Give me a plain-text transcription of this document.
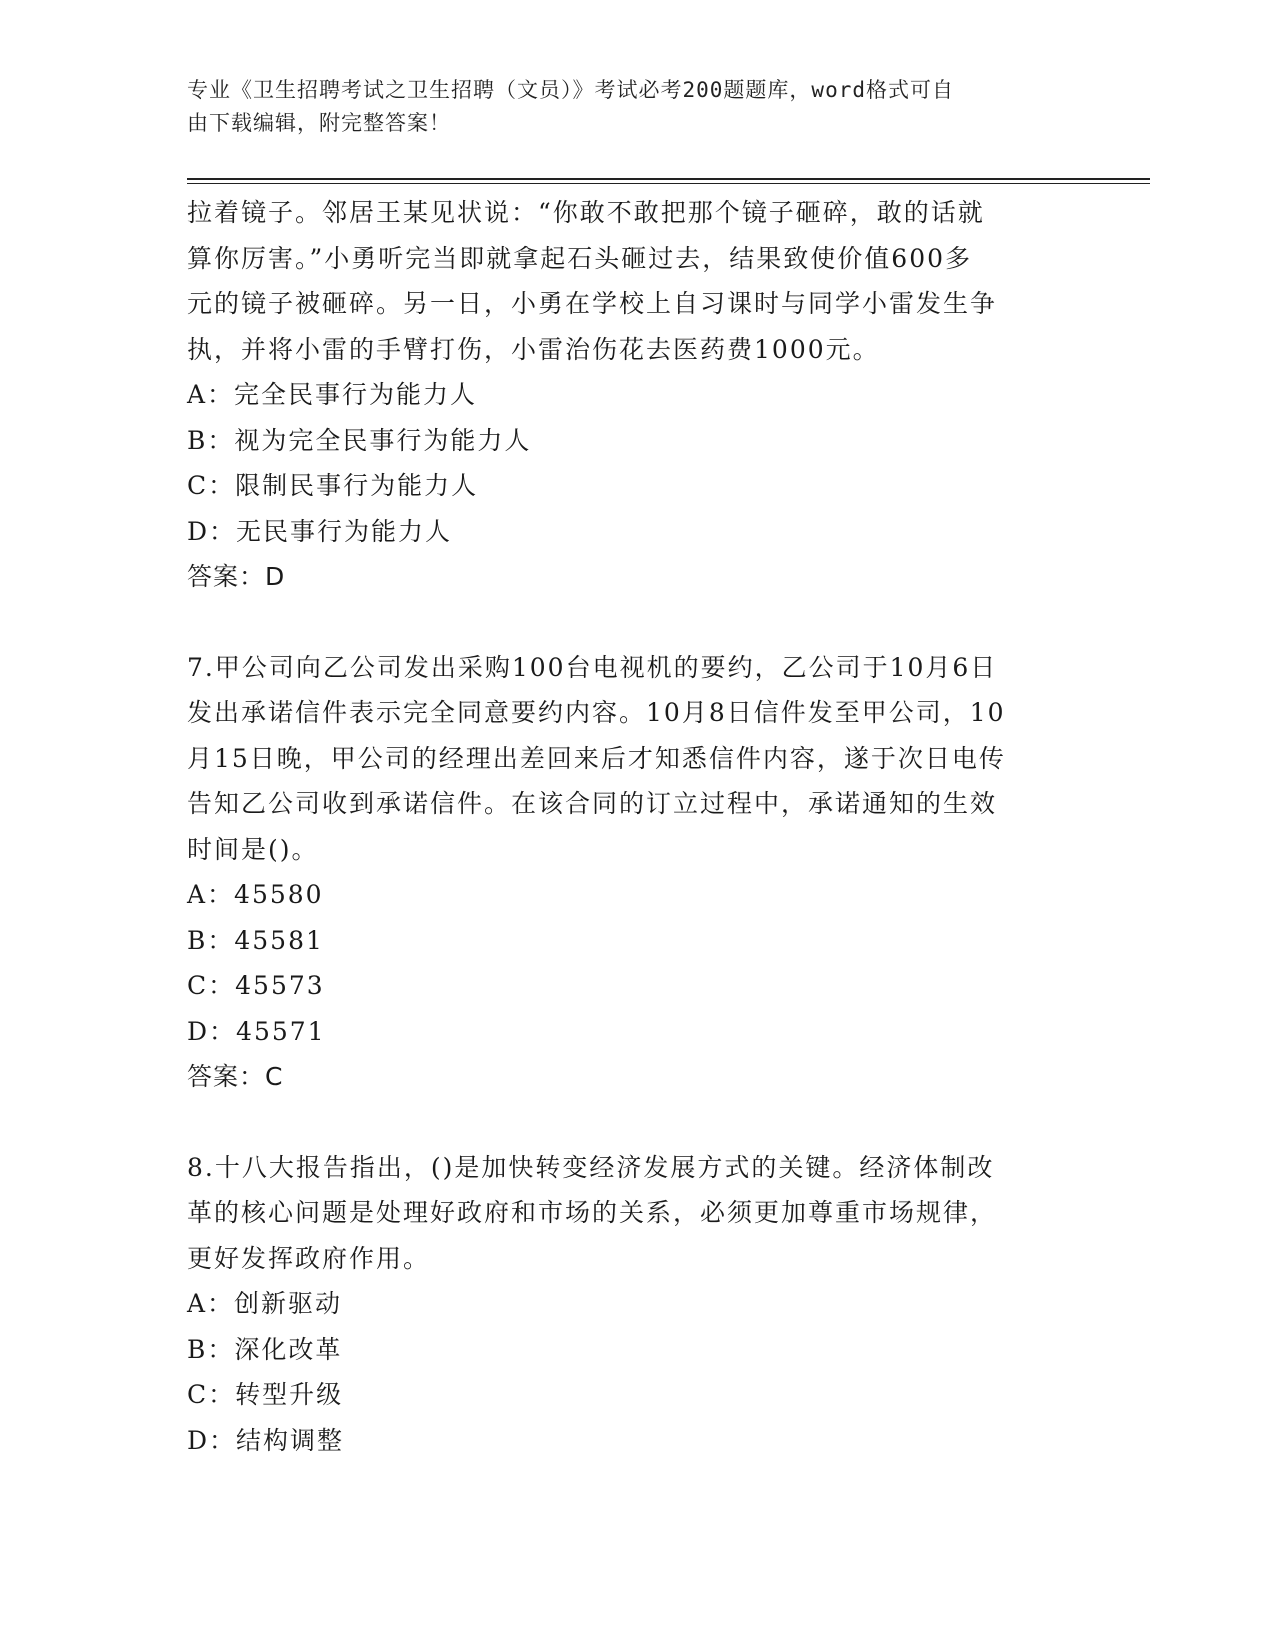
专业《卫生招聘考试之卫生招聘（文员）》考试必考200题题库，word格式可自
由下载编辑，附完整答案！

拉着镜子。邻居王某见状说：“你敢不敢把那个镜子砸碎，敢的话就

算你厉害。”小勇听完当即就拿起石头砸过去，结果致使价值600多

元的镜子被砸碎。另一日，小勇在学校上自习课时与同学小雷发生争

执，并将小雷的手臂打伤，小雷治伤花去医药费1000元。

A：完全民事行为能力人

B：视为完全民事行为能力人

C：限制民事行为能力人

D：无民事行为能力人

答案：D

7.甲公司向乙公司发出采购100台电视机的要约，乙公司于10月6日

发出承诺信件表示完全同意要约内容。10月8日信件发至甲公司，10

月15日晚，甲公司的经理出差回来后才知悉信件内容，遂于次日电传

告知乙公司收到承诺信件。在该合同的订立过程中，承诺通知的生效

时间是()。

A：45580

B：45581

C：45573

D：45571

答案：C

8.十八大报告指出，()是加快转变经济发展方式的关键。经济体制改

革的核心问题是处理好政府和市场的关系，必须更加尊重市场规律，

更好发挥政府作用。

A：创新驱动

B：深化改革

C：转型升级

D：结构调整
